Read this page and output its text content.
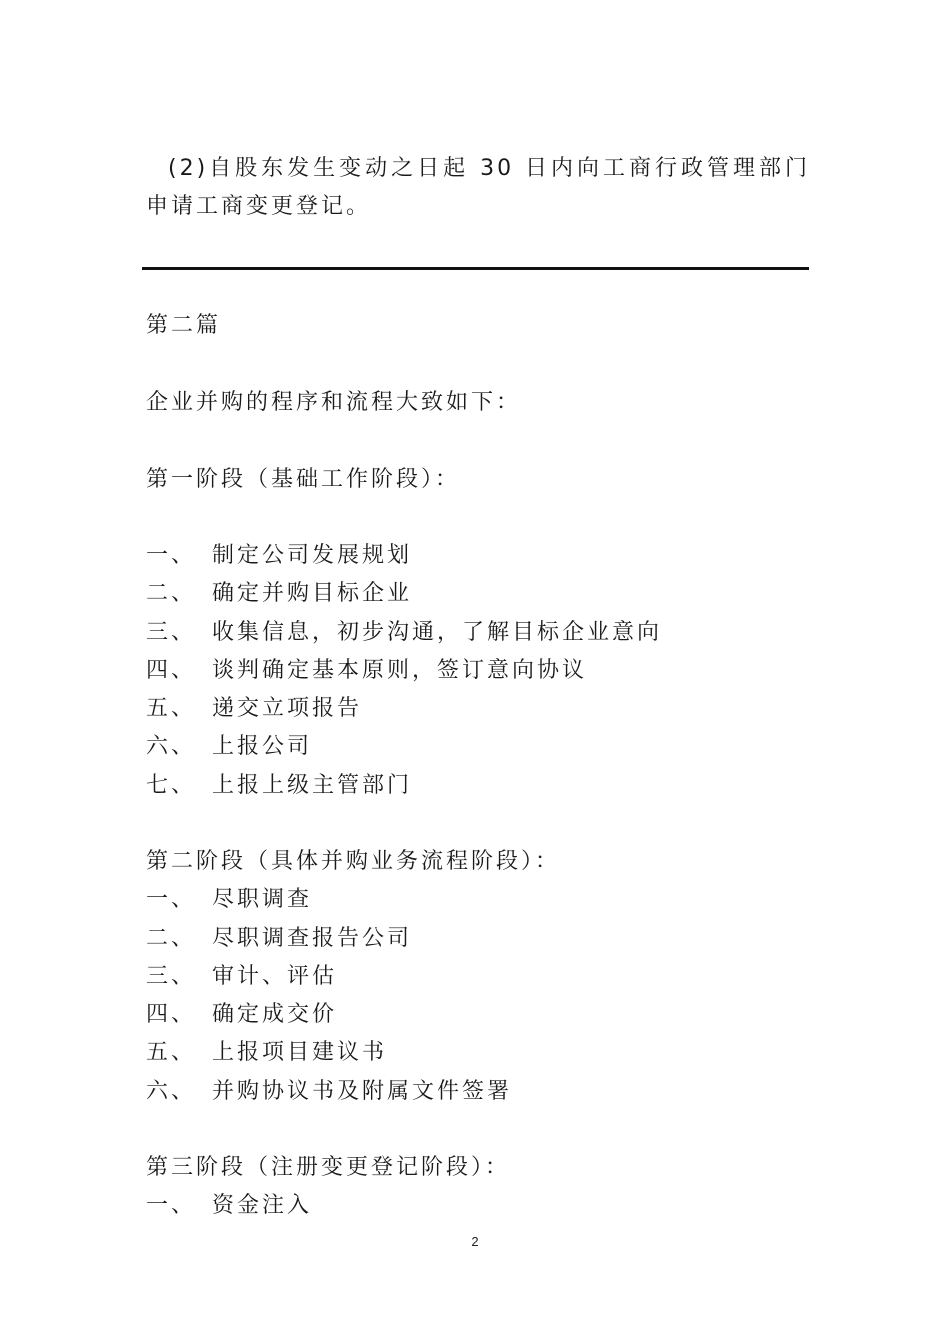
(2)自股东发生变动之日起 30 日内向工商行政管理部门申请工商变更登记。
第二篇
企业并购的程序和流程大致如下：
第一阶段（基础工作阶段）：
一、 制定公司发展规划
二、 确定并购目标企业
三、 收集信息，初步沟通，了解目标企业意向
四、 谈判确定基本原则，签订意向协议
五、 递交立项报告
六、 上报公司
七、 上报上级主管部门
第二阶段（具体并购业务流程阶段）：
一、 尽职调查
二、 尽职调查报告公司
三、 审计、评估
四、 确定成交价
五、 上报项目建议书
六、 并购协议书及附属文件签署
第三阶段（注册变更登记阶段）：
一、 资金注入
2
